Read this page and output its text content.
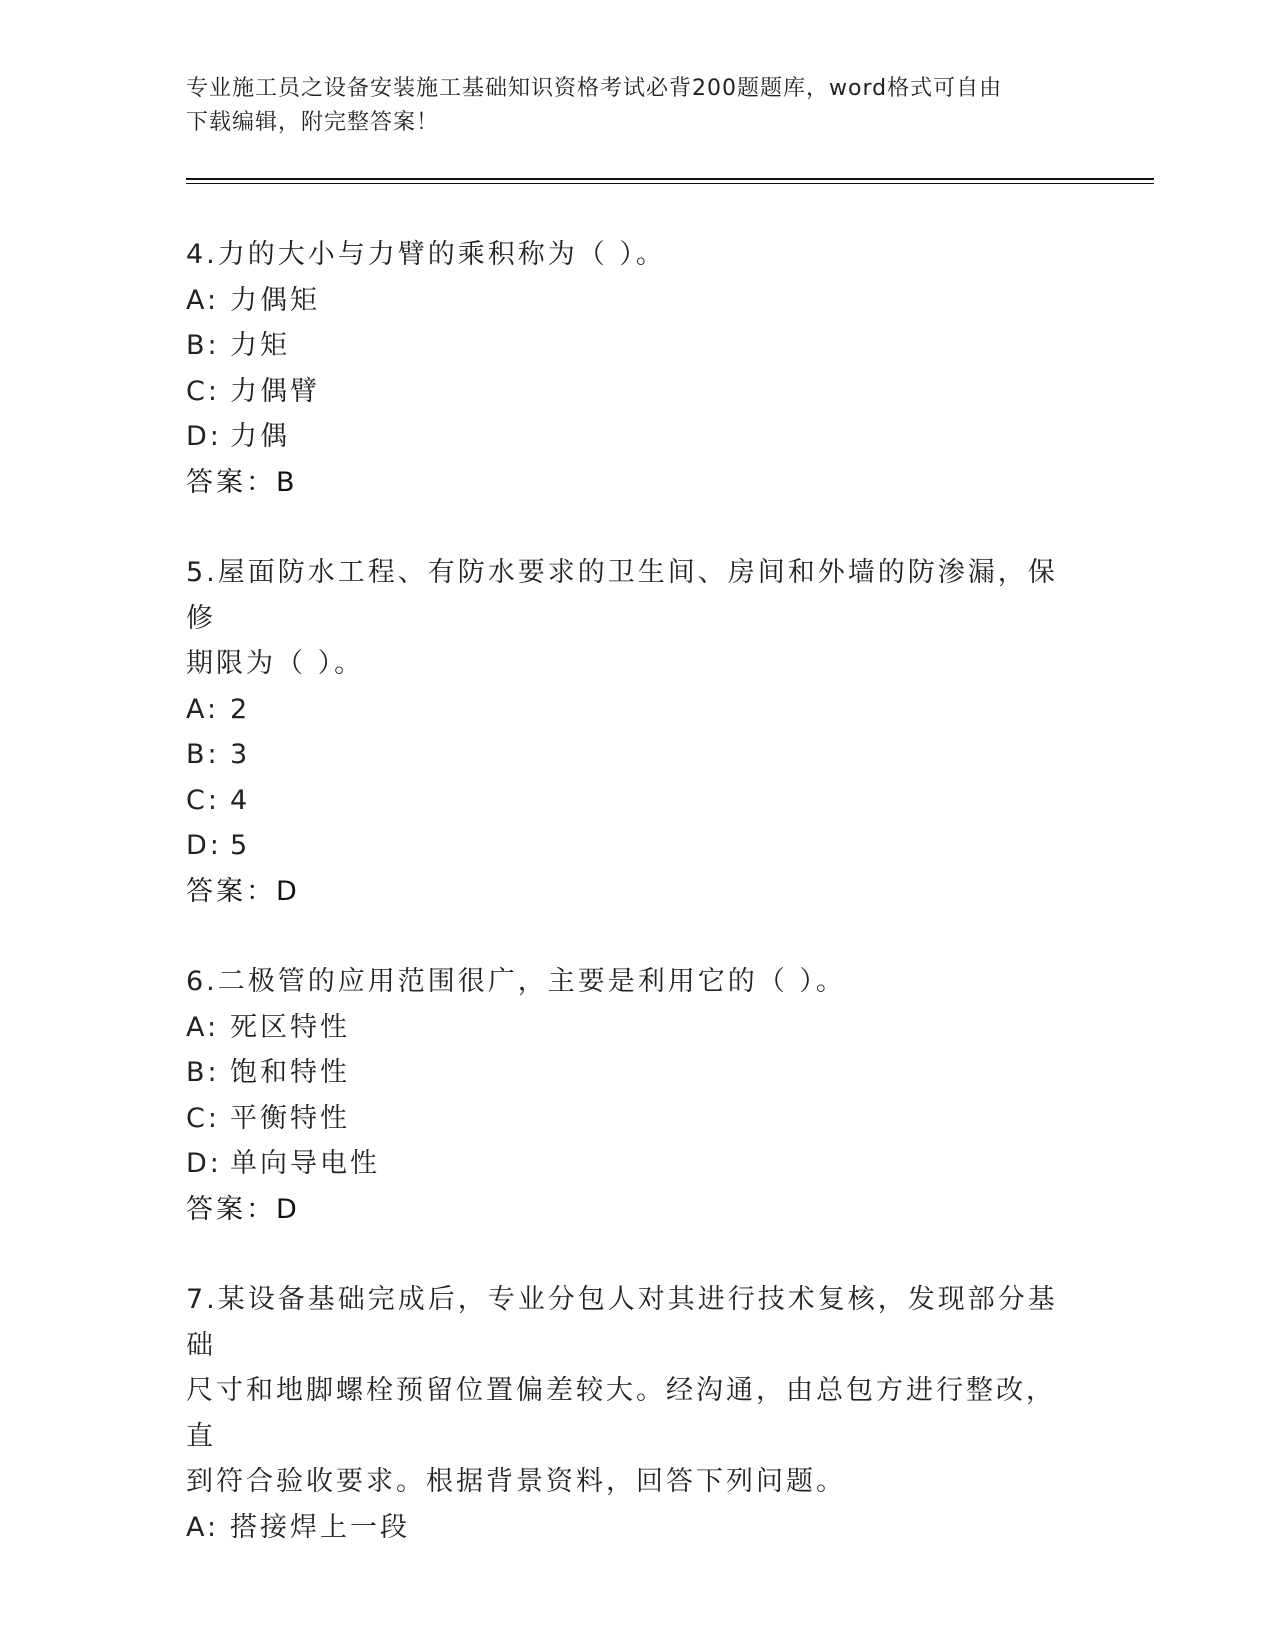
专业施工员之设备安装施工基础知识资格考试必背200题题库，word格式可自由
下载编辑，附完整答案！

4.力的大小与力臂的乘积称为（ ）。

A: 力偶矩

B: 力矩

C: 力偶臂

D: 力偶

答案：B

5.屋面防水工程、有防水要求的卫生间、房间和外墙的防渗漏，保修

期限为（ ）。

A: 2

B: 3

C: 4

D: 5

答案：D

6.二极管的应用范围很广，主要是利用它的（ ）。

A: 死区特性

B: 饱和特性

C: 平衡特性

D: 单向导电性

答案：D

7.某设备基础完成后，专业分包人对其进行技术复核，发现部分基础

尺寸和地脚螺栓预留位置偏差较大。经沟通，由总包方进行整改，直

到符合验收要求。根据背景资料，回答下列问题。

A: 搭接焊上一段
